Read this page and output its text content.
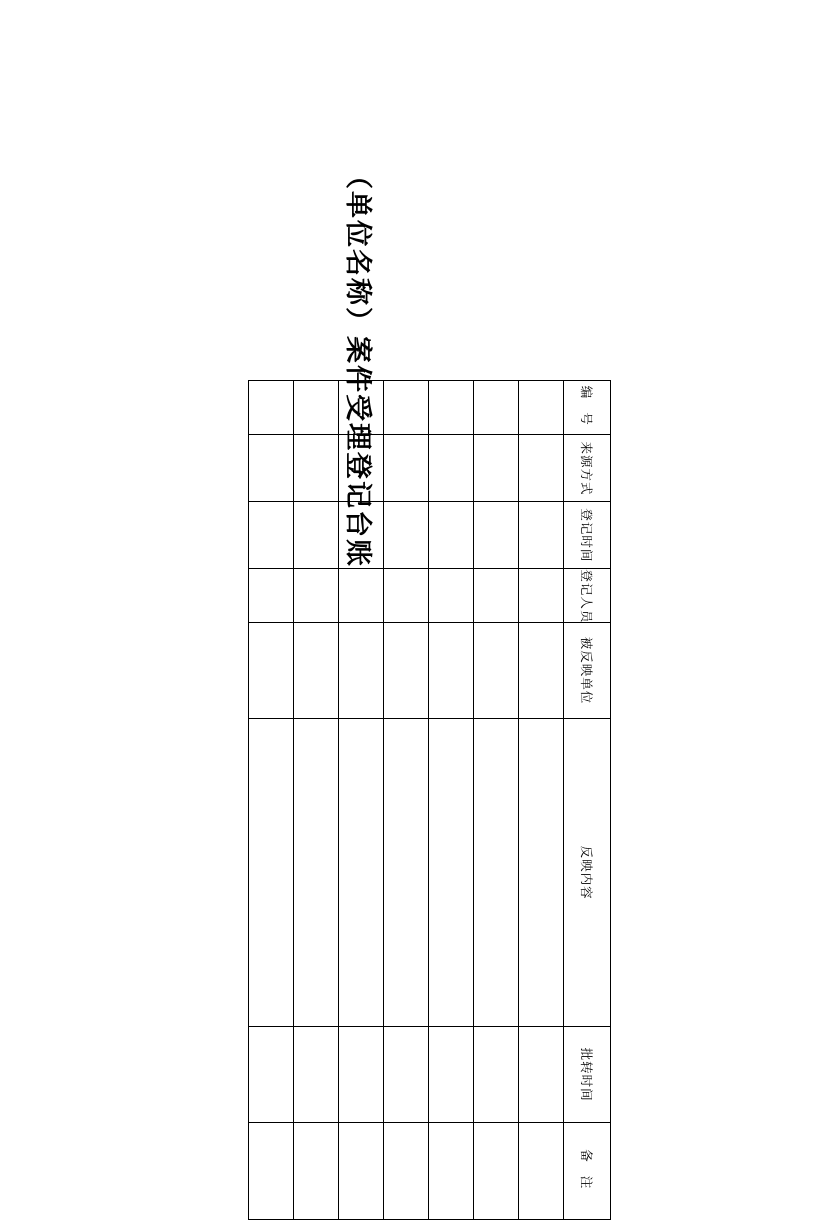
（单位名称）案件受理登记台账	编 号	来源方式	登记时间	登记人员	被反映单位	反映内容	批转时间	备 注
